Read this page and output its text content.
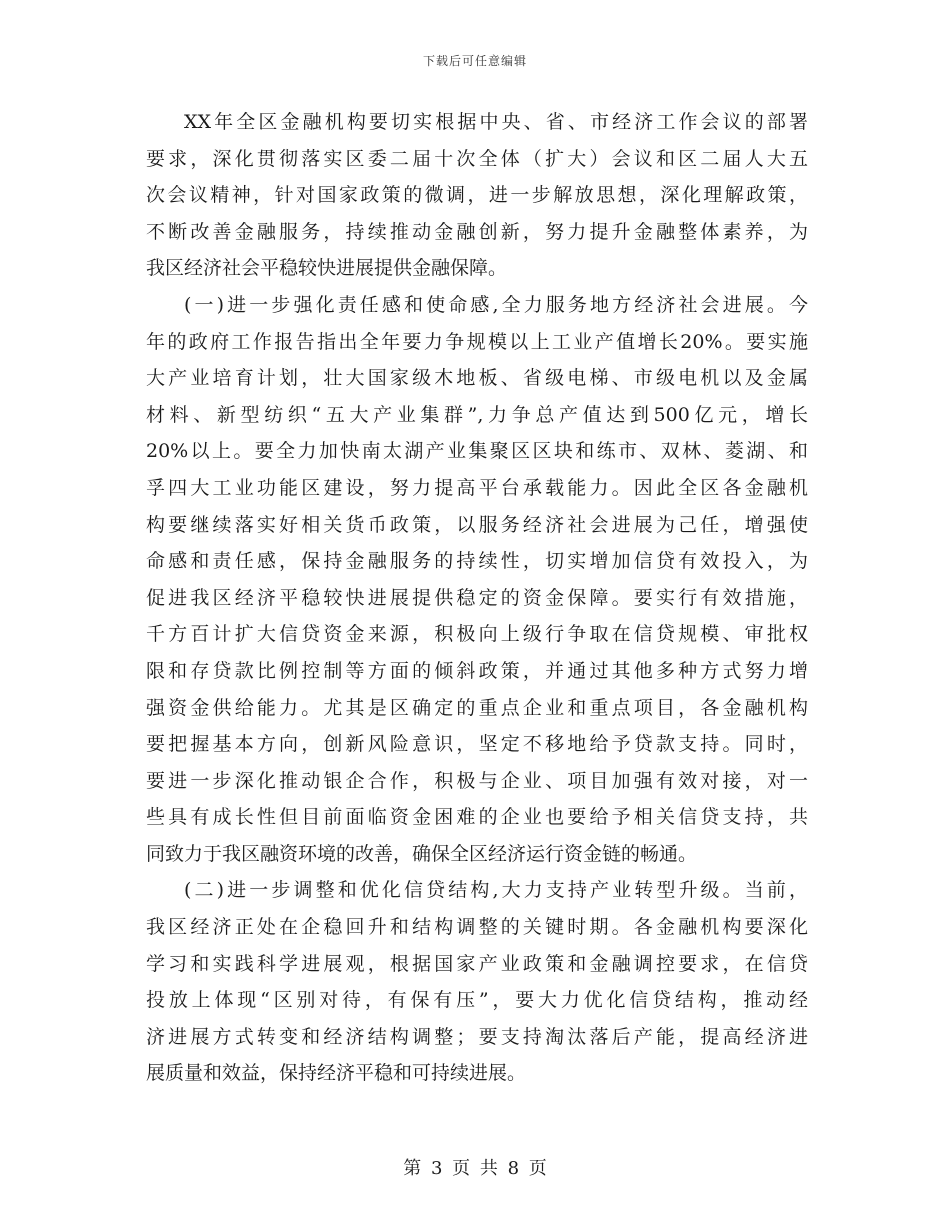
下载后可任意编辑
XX年全区金融机构要切实根据中央、省、市经济工作会议的部署
要求，深化贯彻落实区委二届十次全体（扩大）会议和区二届人大五
次会议精神，针对国家政策的微调，进一步解放思想，深化理解政策，
不断改善金融服务，持续推动金融创新，努力提升金融整体素养，为
我区经济社会平稳较快进展提供金融保障。
(一)进一步强化责任感和使命感,全力服务地方经济社会进展。今
年的政府工作报告指出全年要力争规模以上工业产值增长20%。要实施
大产业培育计划，壮大国家级木地板、省级电梯、市级电机以及金属
材料、新型纺织“五大产业集群”,力争总产值达到500亿元，增长
20%以上。要全力加快南太湖产业集聚区区块和练市、双林、菱湖、和
孚四大工业功能区建设，努力提高平台承载能力。因此全区各金融机
构要继续落实好相关货币政策，以服务经济社会进展为己任，增强使
命感和责任感，保持金融服务的持续性，切实增加信贷有效投入，为
促进我区经济平稳较快进展提供稳定的资金保障。要实行有效措施，
千方百计扩大信贷资金来源，积极向上级行争取在信贷规模、审批权
限和存贷款比例控制等方面的倾斜政策，并通过其他多种方式努力增
强资金供给能力。尤其是区确定的重点企业和重点项目，各金融机构
要把握基本方向，创新风险意识，坚定不移地给予贷款支持。同时，
要进一步深化推动银企合作，积极与企业、项目加强有效对接，对一
些具有成长性但目前面临资金困难的企业也要给予相关信贷支持，共
同致力于我区融资环境的改善，确保全区经济运行资金链的畅通。
(二)进一步调整和优化信贷结构,大力支持产业转型升级。当前，
我区经济正处在企稳回升和结构调整的关键时期。各金融机构要深化
学习和实践科学进展观，根据国家产业政策和金融调控要求，在信贷
投放上体现“区别对待，有保有压”，要大力优化信贷结构，推动经
济进展方式转变和经济结构调整；要支持淘汰落后产能，提高经济进
展质量和效益，保持经济平稳和可持续进展。
第 3 页 共 8 页
